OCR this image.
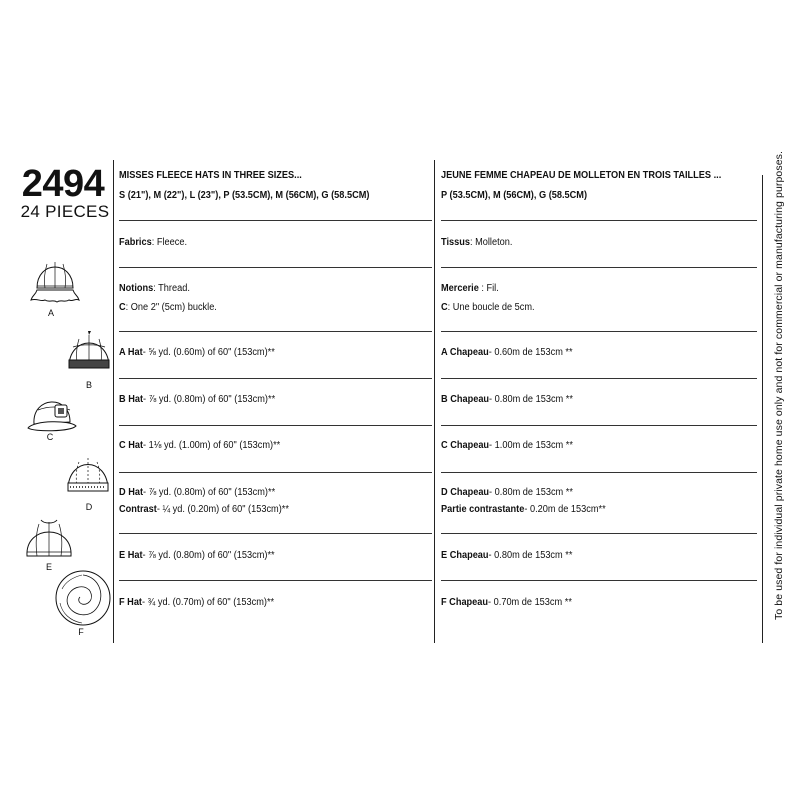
2494
24 PIECES
MISSES FLEECE HATS IN THREE SIZES...
S (21"), M (22"), L (23"), P (53.5CM), M (56CM), G (58.5CM)
Fabrics: Fleece.
Notions: Thread.
C: One 2" (5cm) buckle.
A Hat- ⅝ yd. (0.60m) of 60" (153cm)**
B Hat- ⅞ yd. (0.80m) of 60" (153cm)**
C Hat- 1⅛ yd. (1.00m) of 60" (153cm)**
D Hat- ⅞ yd. (0.80m) of 60" (153cm)**
Contrast- ¼ yd. (0.20m) of 60" (153cm)**
E Hat- ⅞ yd. (0.80m) of 60" (153cm)**
F Hat- ¾ yd. (0.70m) of 60" (153cm)**
JEUNE FEMME CHAPEAU DE MOLLETON EN TROIS TAILLES ...
P (53.5CM), M (56CM), G (58.5CM)
Tissus: Molleton.
Mercerie : Fil.
C: Une boucle de 5cm.
A Chapeau- 0.60m de 153cm **
B Chapeau- 0.80m de 153cm **
C Chapeau- 1.00m de 153cm **
D Chapeau- 0.80m de 153cm **
Partie contrastante- 0.20m de 153cm**
E Chapeau- 0.80m de 153cm **
F Chapeau- 0.70m de 153cm **
A
B
C
D
E
F
To be used for individual private home use only and not for commercial or manufacturing purposes.
